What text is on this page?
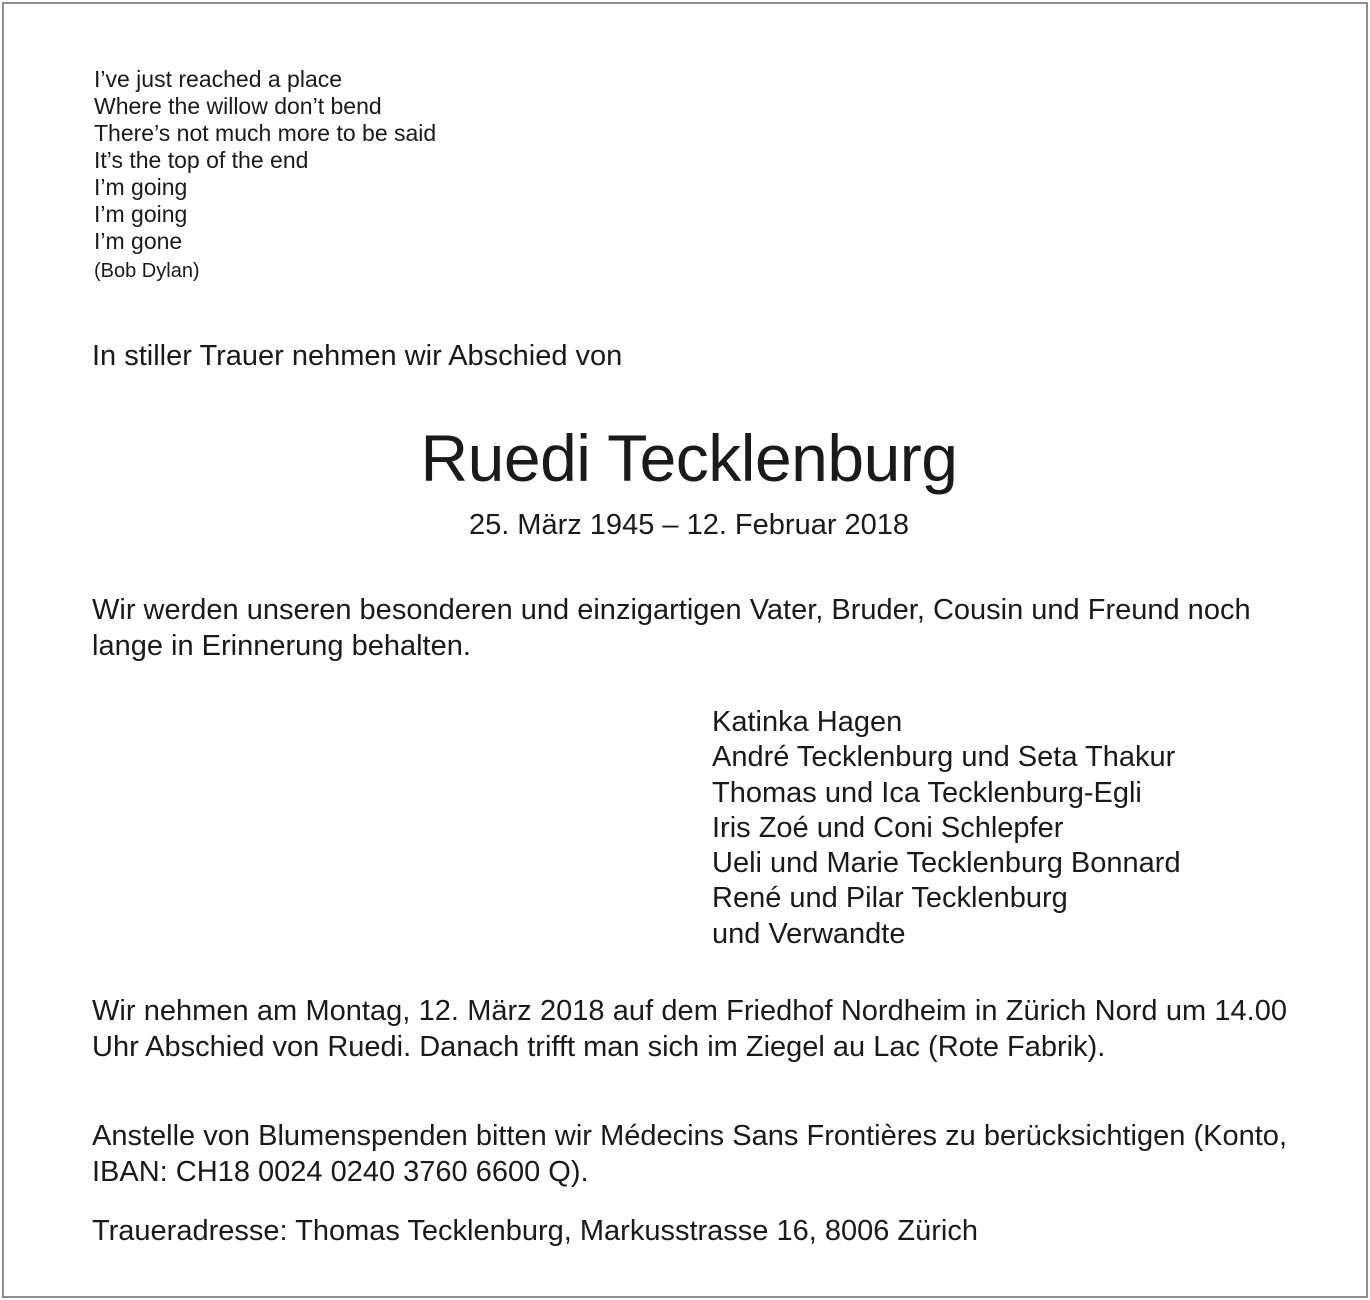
I’ve just reached a place
Where the willow don’t bend
There’s not much more to be said
It’s the top of the end
I’m going
I’m going
I’m gone
(Bob Dylan)
In stiller Trauer nehmen wir Abschied von
Ruedi Tecklenburg
25. März 1945 – 12. Februar 2018

Wir werden unseren besonderen und einzigartigen Vater, Bruder, Cousin und Freund noch lange in Erinnerung behalten.

Katinka Hagen
André Tecklenburg und Seta Thakur
Thomas und Ica Tecklenburg-Egli
Iris Zoé und Coni Schlepfer
Ueli und Marie Tecklenburg Bonnard
René und Pilar Tecklenburg
und Verwandte

Wir nehmen am Montag, 12. März 2018 auf dem Friedhof Nordheim in Zürich Nord um 14.00 Uhr Abschied von Ruedi. Danach trifft man sich im Ziegel au Lac (Rote Fabrik).

Anstelle von Blumenspenden bitten wir Médecins Sans Frontières zu berücksichtigen (Konto, IBAN: CH18 0024 0240 3760 6600 Q).

Traueradresse: Thomas Tecklenburg, Markusstrasse 16, 8006 Zürich
